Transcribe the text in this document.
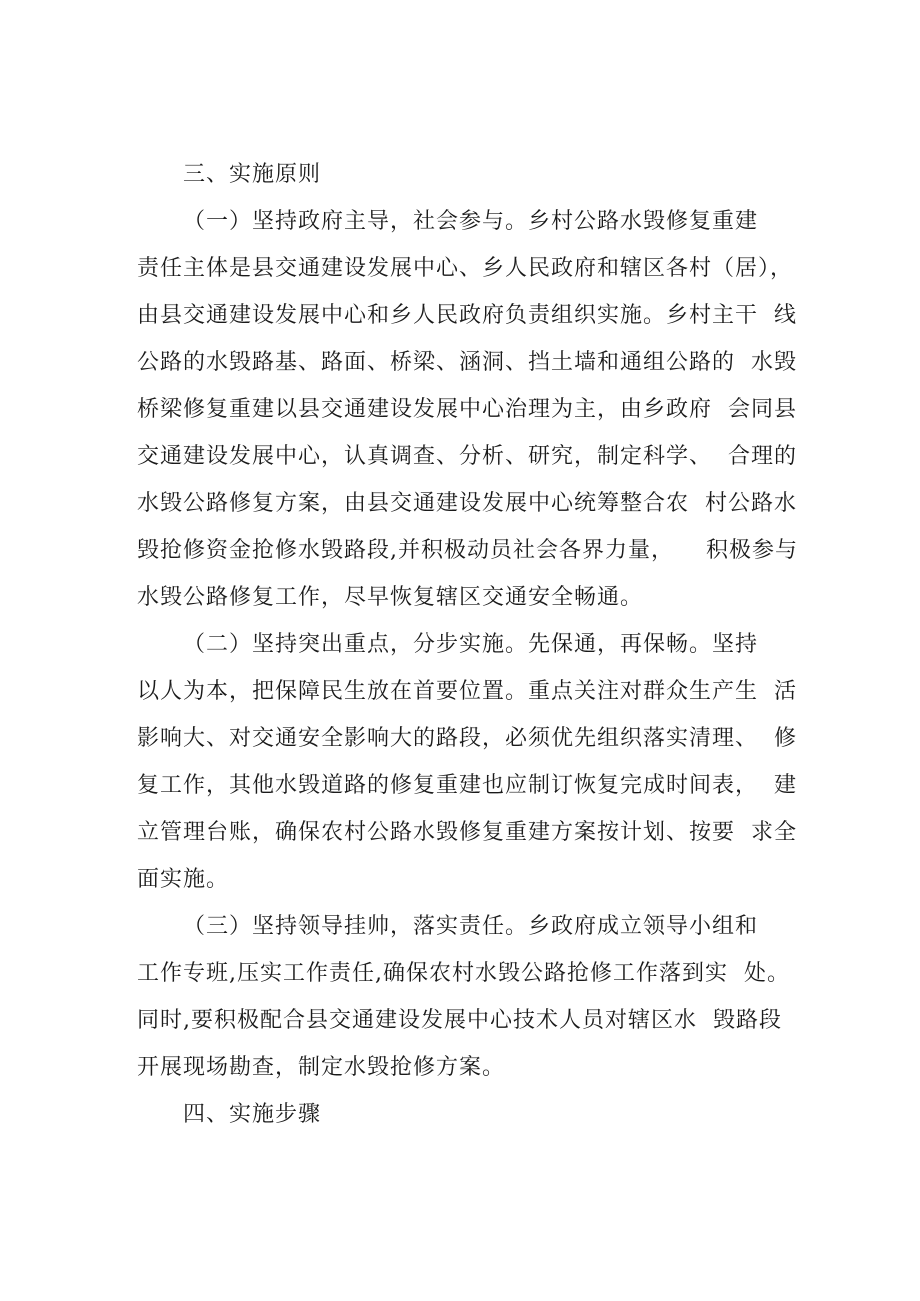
三、实施原则
（一）坚持政府主导，社会参与。乡村公路水毁修复重建
责任主体是县交通建设发展中心、乡人民政府和辖区各村（居），
由县交通建设发展中心和乡人民政府负责组织实施。乡村主干  线
公路的水毁路基、路面、桥梁、涵洞、挡土墙和通组公路的  水毁
桥梁修复重建以县交通建设发展中心治理为主，由乡政府  会同县
交通建设发展中心，认真调查、分析、研究，制定科学、  合理的
水毁公路修复方案，由县交通建设发展中心统筹整合农  村公路水
毁抢修资金抢修水毁路段,并积极动员社会各界力量，    积极参与
水毁公路修复工作，尽早恢复辖区交通安全畅通。
（二）坚持突出重点，分步实施。先保通，再保畅。坚持
以人为本，把保障民生放在首要位置。重点关注对群众生产生  活
影响大、对交通安全影响大的路段，必须优先组织落实清理、  修
复工作，其他水毁道路的修复重建也应制订恢复完成时间表，  建
立管理台账，确保农村公路水毁修复重建方案按计划、按要  求全
面实施。
（三）坚持领导挂帅，落实责任。乡政府成立领导小组和
工作专班,压实工作责任,确保农村水毁公路抢修工作落到实  处。
同时,要积极配合县交通建设发展中心技术人员对辖区水  毁路段
开展现场勘查，制定水毁抢修方案。
四、实施步骤
